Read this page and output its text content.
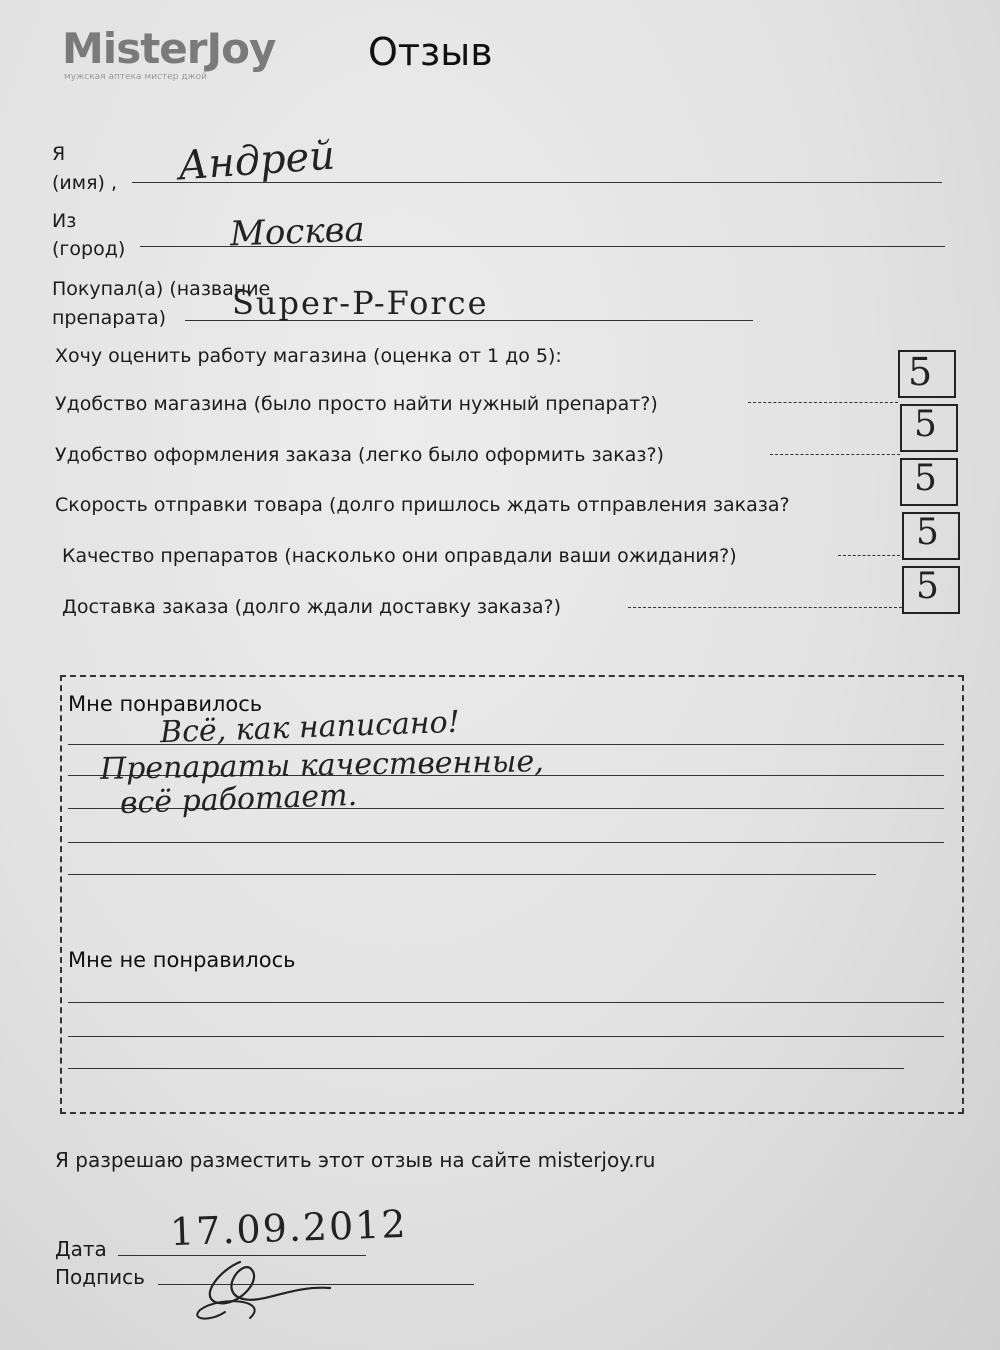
MisterJoy
мужская аптека мистер джой
Отзыв
Я
(имя) , Андрей
Из
(город)	Москва
Покупал(а) (название
препарата) Super-P-Force
Хочу оценить работу магазина (оценка от 1 до 5):
Удобство магазина (было просто найти нужный препарат?)
5
Удобство оформления заказа (легко было оформить заказ?)
5
Скорость отправки товара (долго пришлось ждать отправления заказа?
5
Качество препаратов (насколько они оправдали ваши ожидания?)
5
Доставка заказа (долго ждали доставку заказа?)	5
Мне понравилось
Всё, как написано!
Препараты качественные,
всё работает.
Мне не понравилось
Я разрешаю разместить этот отзыв на сайте misterjoy.ru
Дата 17.09.2012
Подпись
